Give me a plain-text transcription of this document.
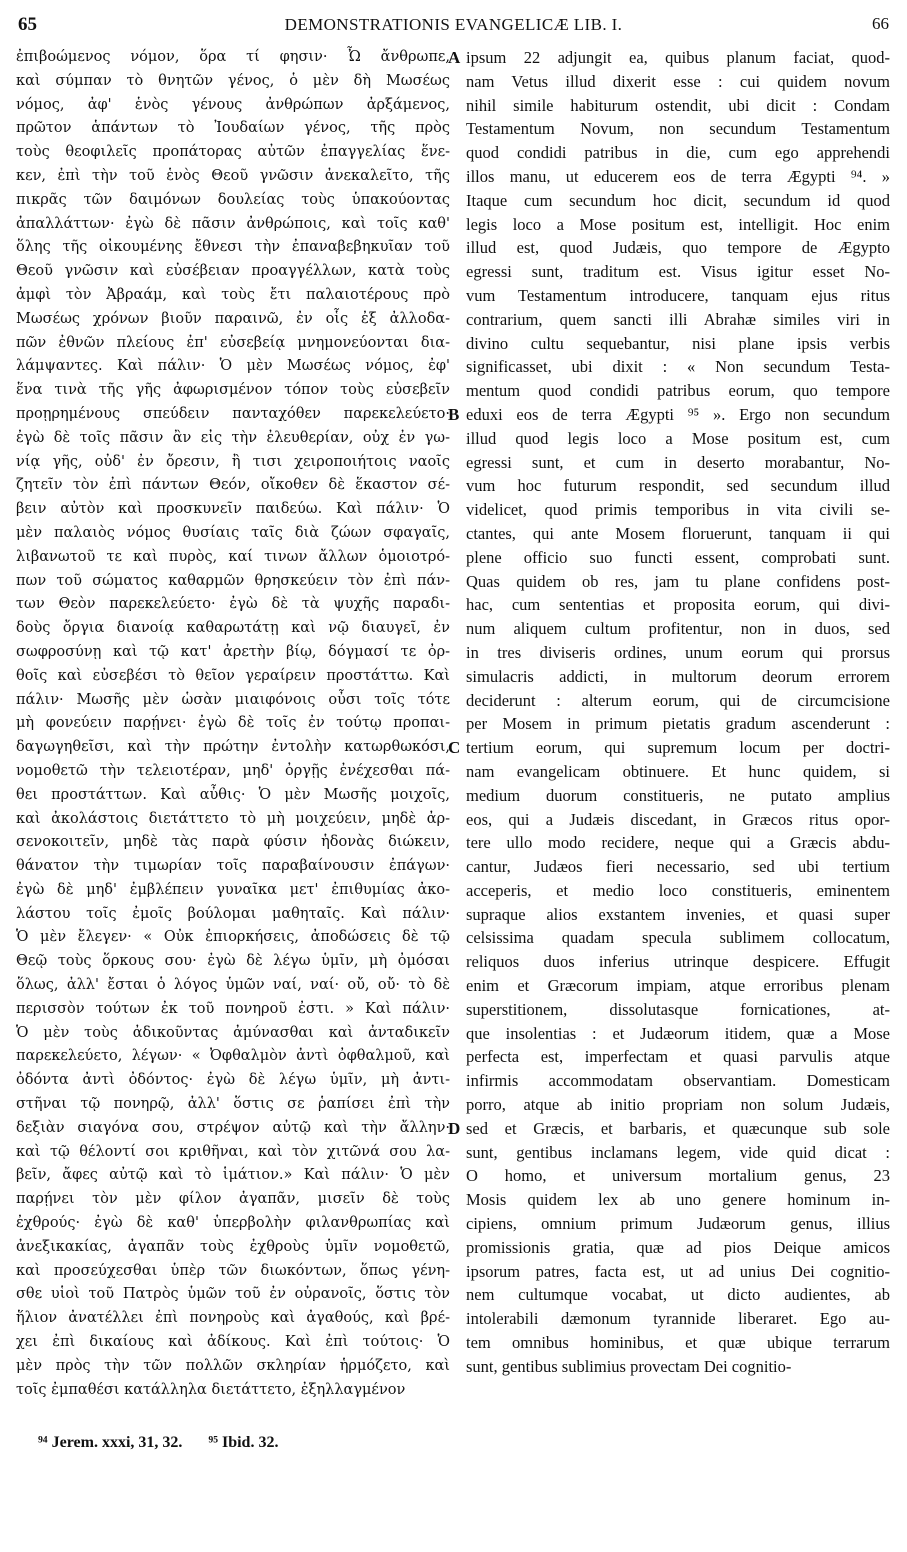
65	DEMONSTRATIONIS EVANGELICÆ LIB. I.	66
ἐπιβοώμενος νόμον, ὅρα τί φησιν· Ὦ ἄνθρωπε,
καὶ σύμπαν τὸ θνητῶν γένος, ὁ μὲν δὴ Μωσέως
νόμος, ἀφ' ἑνὸς γένους ἀνθρώπων ἀρξάμενος,
πρῶτον ἁπάντων τὸ Ἰουδαίων γένος, τῆς πρὸς
τοὺς θεοφιλεῖς προπάτορας αὐτῶν ἐπαγγελίας ἕνε-
κεν, ἐπὶ τὴν τοῦ ἑνὸς Θεοῦ γνῶσιν ἀνεκαλεῖτο, τῆς
πικρᾶς τῶν δαιμόνων δουλείας τοὺς ὑπακούοντας
ἀπαλλάττων· ἐγὼ δὲ πᾶσιν ἀνθρώποις, καὶ τοῖς καθ'
ὅλης τῆς οἰκουμένης ἔθνεσι τὴν ἐπαναβεβηκυῖαν τοῦ
Θεοῦ γνῶσιν καὶ εὐσέβειαν προαγγέλλων, κατὰ τοὺς
ἀμφὶ τὸν Ἀβραάμ, καὶ τοὺς ἔτι παλαιοτέρους πρὸ
Μωσέως χρόνων βιοῦν παραινῶ, ἐν οἷς ἐξ ἀλλοδα-
πῶν ἐθνῶν πλείους ἐπ' εὐσεβείᾳ μνημονεύονται δια-
λάμψαντες. Καὶ πάλιν· Ὁ μὲν Μωσέως νόμος, ἐφ'
ἕνα τινὰ τῆς γῆς ἀφωρισμένον τόπον τοὺς εὐσεβεῖν
προῃρημένους σπεύδειν πανταχόθεν παρεκελεύετο·
ἐγὼ δὲ τοῖς πᾶσιν ἂν εἰς τὴν ἐλευθερίαν, οὐχ ἐν γω-
νίᾳ γῆς, οὐδ' ἐν ὄρεσιν, ἢ τισι χειροποιήτοις ναοῖς
ζητεῖν τὸν ἐπὶ πάντων Θεόν, οἴκοθεν δὲ ἕκαστον σέ-
βειν αὐτὸν καὶ προσκυνεῖν παιδεύω. Καὶ πάλιν· Ὁ
μὲν παλαιὸς νόμος θυσίαις ταῖς διὰ ζώων σφαγαῖς,
λιβανωτοῦ τε καὶ πυρὸς, καί τινων ἄλλων ὁμοιοτρό-
πων τοῦ σώματος καθαρμῶν θρησκεύειν τὸν ἐπὶ πάν-
των Θεὸν παρεκελεύετο· ἐγὼ δὲ τὰ ψυχῆς παραδι-
δοὺς ὄργια διανοίᾳ καθαρωτάτῃ καὶ νῷ διαυγεῖ, ἐν
σωφροσύνῃ καὶ τῷ κατ' ἀρετὴν βίῳ, δόγμασί τε ὀρ-
θοῖς καὶ εὐσεβέσι τὸ θεῖον γεραίρειν προστάττω. Καὶ
πάλιν· Μωσῆς μὲν ὡσὰν μιαιφόνοις οὖσι τοῖς τότε
μὴ φονεύειν παρῄνει· ἐγὼ δὲ τοῖς ἐν τούτῳ προπαι-
δαγωγηθεῖσι, καὶ τὴν πρώτην ἐντολὴν κατωρθωκόσι,
νομοθετῶ τὴν τελειοτέραν, μηδ' ὀργῇς ἐνέχεσθαι πά-
θει προστάττων. Καὶ αὖθις· Ὁ μὲν Μωσῆς μοιχοῖς,
καὶ ἀκολάστοις διετάττετο τὸ μὴ μοιχεύειν, μηδὲ ἀρ-
σενοκοιτεῖν, μηδὲ τὰς παρὰ φύσιν ἡδονὰς διώκειν,
θάνατον τὴν τιμωρίαν τοῖς παραβαίνουσιν ἐπάγων·
ἐγὼ δὲ μηδ' ἐμβλέπειν γυναῖκα μετ' ἐπιθυμίας ἀκο-
λάστου τοῖς ἐμοῖς βούλομαι μαθηταῖς. Καὶ πάλιν·
Ὁ μὲν ἔλεγεν· « Οὐκ ἐπιορκήσεις, ἀποδώσεις δὲ τῷ
Θεῷ τοὺς ὅρκους σου· ἐγὼ δὲ λέγω ὑμῖν, μὴ ὀμόσαι
ὅλως, ἀλλ' ἔσται ὁ λόγος ὑμῶν ναί, ναί· οὔ, οὔ· τὸ δὲ
περισσὸν τούτων ἐκ τοῦ πονηροῦ ἐστι. » Καὶ πάλιν·
Ὁ μὲν τοὺς ἀδικοῦντας ἀμύνασθαι καὶ ἀνταδικεῖν
παρεκελεύετο, λέγων· « Ὀφθαλμὸν ἀντὶ ὀφθαλμοῦ, καὶ
ὀδόντα ἀντὶ ὀδόντος· ἐγὼ δὲ λέγω ὑμῖν, μὴ ἀντι-
στῆναι τῷ πονηρῷ, ἀλλ' ὅστις σε ῥαπίσει ἐπὶ τὴν
δεξιὰν σιαγόνα σου, στρέψον αὐτῷ καὶ τὴν ἄλλην·
καὶ τῷ θέλοντί σοι κριθῆναι, καὶ τὸν χιτῶνά σου λα-
βεῖν, ἄφες αὐτῷ καὶ τὸ ἱμάτιον.» Καὶ πάλιν· Ὁ μὲν
παρῄνει τὸν μὲν φίλον ἀγαπᾶν, μισεῖν δὲ τοὺς
ἐχθρούς· ἐγὼ δὲ καθ' ὑπερβολὴν φιλανθρωπίας καὶ
ἀνεξικακίας, ἀγαπᾶν τοὺς ἐχθροὺς ὑμῖν νομοθετῶ,
καὶ προσεύχεσθαι ὑπὲρ τῶν διωκόντων, ὅπως γένη-
σθε υἱοὶ τοῦ Πατρὸς ὑμῶν τοῦ ἐν οὐρανοῖς, ὅστις τὸν
ἥλιον ἀνατέλλει ἐπὶ πονηροὺς καὶ ἀγαθούς, καὶ βρέ-
χει ἐπὶ δικαίους καὶ ἀδίκους. Καὶ ἐπὶ τούτοις· Ὁ
μὲν πρὸς τὴν τῶν πολλῶν σκληρίαν ἡρμόζετο, καὶ
τοῖς ἐμπαθέσι κατάλληλα διετάττετο, ἐξηλλαγμένον
A
B
C
D
ipsum 22 adjungit ea, quibus planum faciat, quod-
nam Vetus illud dixerit esse : cui quidem novum
nihil simile habiturum ostendit, ubi dicit : Condam
Testamentum Novum, non secundum Testamentum
quod condidi patribus in die, cum ego apprehendi
illos manu, ut educerem eos de terra Ægypti ⁹⁴. »
Itaque cum secundum hoc dicit, secundum id quod
legis loco a Mose positum est, intelligit. Hoc enim
illud est, quod Judæis, quo tempore de Ægypto
egressi sunt, traditum est. Visus igitur esset No-
vum Testamentum introducere, tanquam ejus ritus
contrarium, quem sancti illi Abrahæ similes viri in
divino cultu sequebantur, nisi plane ipsis verbis
significasset, ubi dixit : « Non secundum Testa-
mentum quod condidi patribus eorum, quo tempore
eduxi eos de terra Ægypti ⁹⁵ ». Ergo non secundum
illud quod legis loco a Mose positum est, cum
egressi sunt, et cum in deserto morabantur, No-
vum hoc futurum respondit, sed secundum illud
videlicet, quod primis temporibus in vita civili se-
ctantes, qui ante Mosem floruerunt, tanquam ii qui
plene officio suo functi essent, comprobati sunt.
Quas quidem ob res, jam tu plane confidens post-
hac, cum sententias et proposita eorum, qui divi-
num aliquem cultum profitentur, non in duos, sed
in tres diviseris ordines, unum eorum qui prorsus
simulacris addicti, in multorum deorum errorem
deciderunt : alterum eorum, qui de circumcisione
per Mosem in primum pietatis gradum ascenderunt :
tertium eorum, qui supremum locum per doctri-
nam evangelicam obtinuere. Et hunc quidem, si
medium duorum constitueris, ne putato amplius
eos, qui a Judæis discedant, in Græcos ritus opor-
tere ullo modo recidere, neque qui a Græcis abdu-
cantur, Judæos fieri necessario, sed ubi tertium
acceperis, et medio loco constitueris, eminentem
supraque alios exstantem invenies, et quasi super
celsissima quadam specula sublimem collocatum,
reliquos duos inferius utrinque despicere. Effugit
enim et Græcorum impiam, atque erroribus plenam
superstitionem, dissolutasque fornicationes, at-
que insolentias : et Judæorum itidem, quæ a Mose
perfecta est, imperfectam et quasi parvulis atque
infirmis accommodatam observantiam. Domesticam
porro, atque ab initio propriam non solum Judæis,
sed et Græcis, et barbaris, et quæcunque sub sole
sunt, gentibus inclamans legem, vide quid dicat :
O homo, et universum mortalium genus, 23
Mosis quidem lex ab uno genere hominum in-
cipiens, omnium primum Judæorum genus, illius
promissionis gratia, quæ ad pios Deique amicos
ipsorum patres, facta est, ut ad unius Dei cognitio-
nem cultumque vocabat, ut dicto audientes, ab
intolerabili dæmonum tyrannide liberaret. Ego au-
tem omnibus hominibus, et quæ ubique terrarum
sunt, gentibus sublimius provectam Dei cognitio-
⁹⁴ Jerem. xxxi, 31, 32. ⁹⁵ Ibid. 32.
